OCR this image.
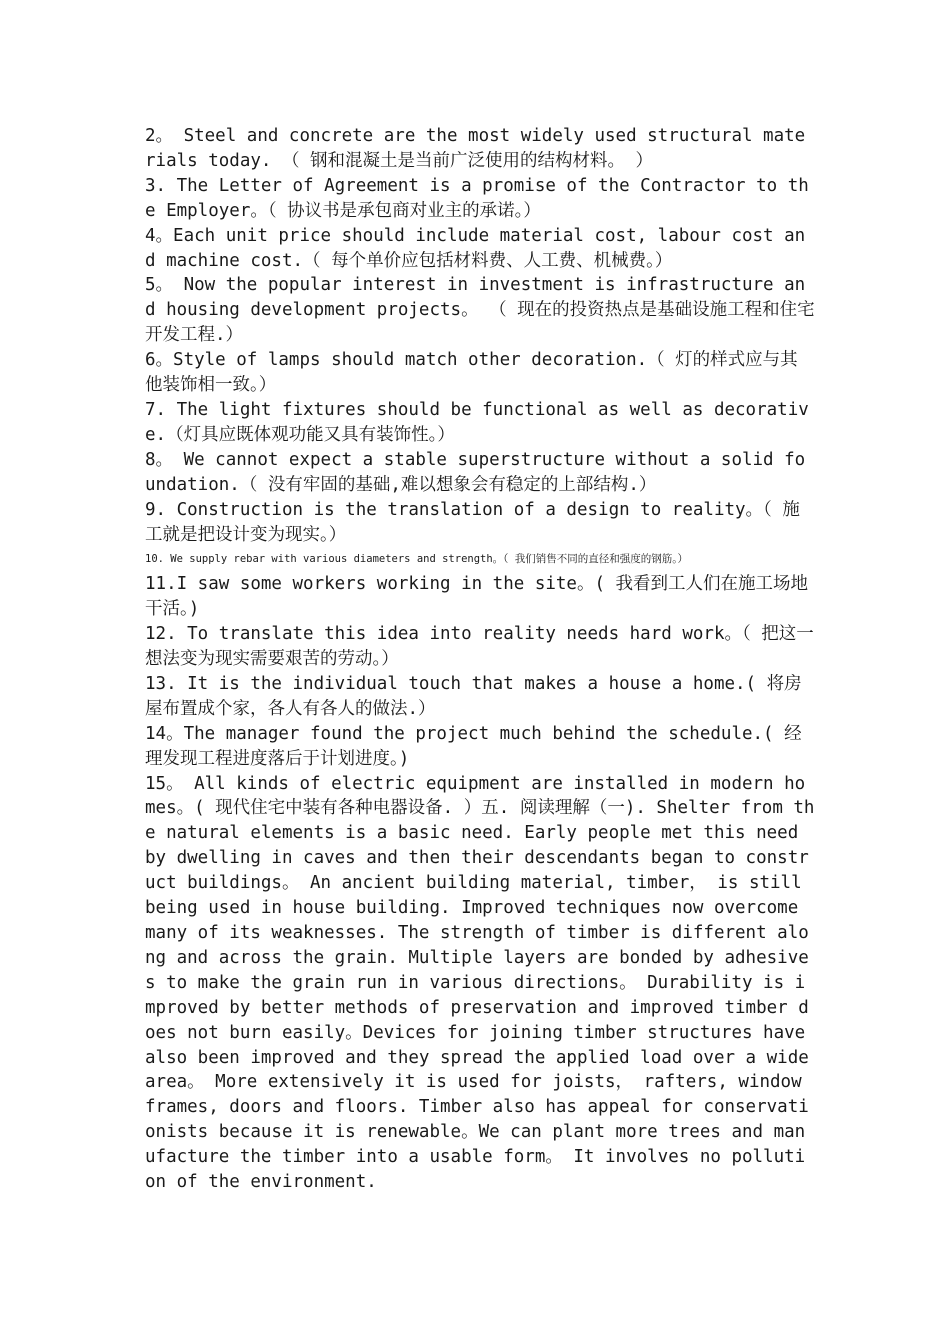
2。 Steel and concrete are the most widely used structural materials today. （ 钢和混凝土是当前广泛使用的结构材料。 ）

3. The Letter of Agreement is a promise of the Contractor to the Employer。（ 协议书是承包商对业主的承诺。）

4。Each unit price should include material cost, labour cost and machine cost.（ 每个单价应包括材料费、人工费、机械费。）

5。 Now the popular interest in investment is infrastructure and housing development projects。 （ 现在的投资热点是基础设施工程和住宅开发工程.）

6。Style of lamps should match other decoration.（ 灯的样式应与其他装饰相一致。）

7. The light fixtures should be functional as well as decorative.（灯具应既体观功能又具有装饰性。）

8。 We cannot expect a stable superstructure without a solid foundation.（ 没有牢固的基础,难以想象会有稳定的上部结构.）

9. Construction is the translation of a design to reality。（ 施工就是把设计变为现实。）

10. We supply rebar with various diameters and strength。（ 我们销售不同的直径和强度的钢筋。）

11.I saw some workers working in the site。( 我看到工人们在施工场地干活。)

12. To translate this idea into reality needs hard work。（ 把这一想法变为现实需要艰苦的劳动。）

13. It is the individual touch that makes a house a home.( 将房屋布置成个家，各人有各人的做法.）

14。The manager found the project much behind the schedule.( 经理发现工程进度落后于计划进度。)

15。 All kinds of electric equipment are installed in modern homes。( 现代住宅中装有各种电器设备. ）五. 阅读理解（一). Shelter from the natural elements is a basic need. Early people met this need by dwelling in caves and then their descendants began to construct buildings。 An ancient building material, timber， is still being used in house building. Improved techniques now overcome many of its weaknesses. The strength of timber is different along and across the grain. Multiple layers are bonded by adhesives to make the grain run in various directions。 Durability is improved by better methods of preservation and improved timber does not burn easily。Devices for joining timber structures have also been improved and they spread the applied load over a wide area。 More extensively it is used for joists， rafters, window frames, doors and floors. Timber also has appeal for conservationists because it is renewable。We can plant more trees and manufacture the timber into a usable form。 It involves no pollution of the environment.
